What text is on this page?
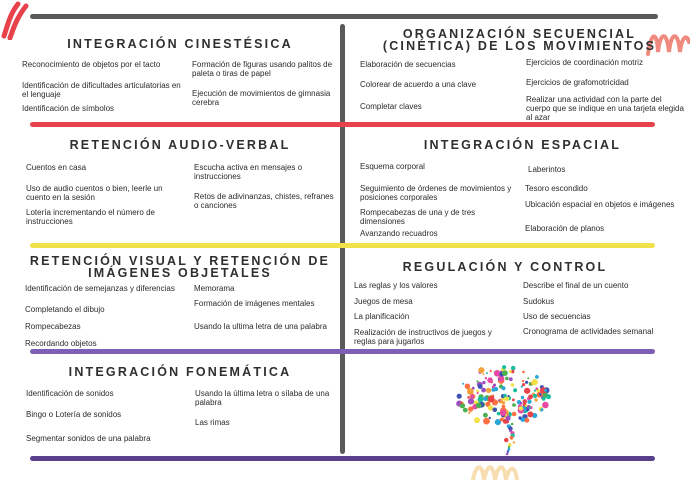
INTEGRACIÓN CINESTÉSICA
Reconocimiento de objetos por el tacto
Identificación de dificultades articulatorias en el lenguaje
Identificación de símbolos
Formación de figuras usando palitos de paleta o tiras de papel
Ejecución de movimientos de gimnasia cerebra
ORGANIZACIÓN SECUENCIAL
(CINÉTICA) DE LOS MOVIMIENTOS
Elaboración de secuencias
Colorear de acuerdo a una clave
Completar claves
Ejercicios de coordinación motriz
Ejercicios de grafomotricidad
Realizar una actividad con la parte del cuerpo que se indique en una tarjeta elegida al azar
RETENCIÓN AUDIO-VERBAL
Cuentos en casa
Uso de audio cuentos o bien, leerle un cuento en la sesión
Lotería incrementando el número de instrucciones
Escucha activa en mensajes o instrucciones
Retos de adivinanzas, chistes, refranes o canciones
INTEGRACIÓN ESPACIAL
Esquema corporal
Seguimiento de órdenes de movimientos y posiciones corporales
Rompecabezas de una y de tres dimensiones
Avanzando recuadros
Laberintos
Tesoro escondido
Ubicación espacial en objetos e imágenes
Elaboración de planos
RETENCIÓN VISUAL Y RETENCIÓN DE
IMÁGENES OBJETALES
Identificación de semejanzas y diferencias
Completando el dibujo
Rompecabezas
Recordando objetos
Memorama
Formación de imágenes mentales
Usando la ultima letra de una palabra
REGULACIÓN Y CONTROL
Las reglas y los valores
Juegos de mesa
La planificación
Realización de instructivos de juegos y reglas para jugarlos
Describe el final de un cuento
Sudokus
Uso de secuencias
Cronograma de actividades semanal
INTEGRACIÓN FONEMÁTICA
Identificación de sonidos
Bingo o Lotería de sonidos
Segmentar sonidos de una palabra
Usando la última letra o sílaba de una palabra
Las rimas
